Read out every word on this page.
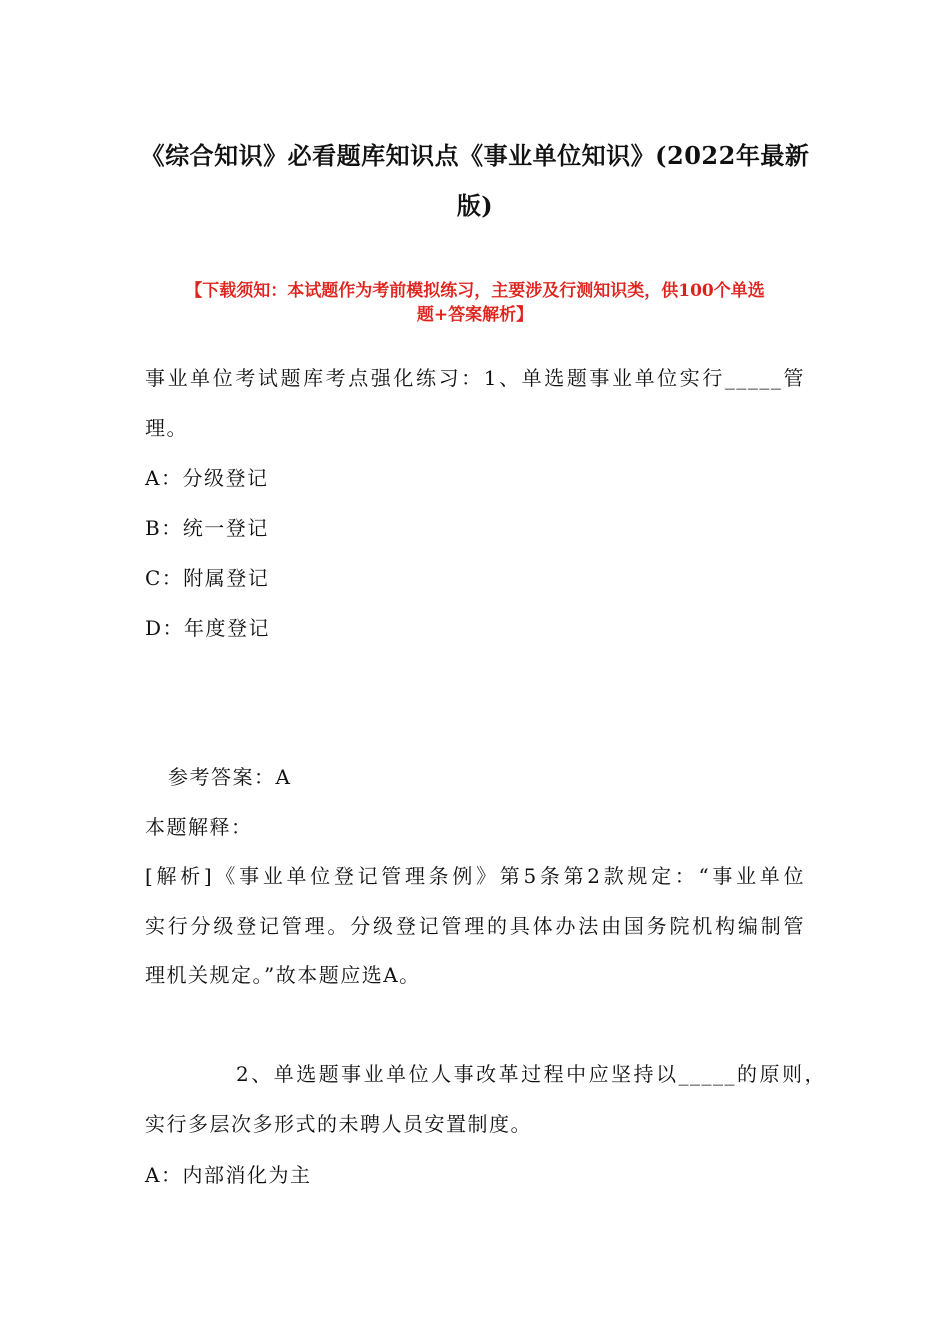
《综合知识》必看题库知识点《事业单位知识》(2022年最新
版)
【下载须知：本试题作为考前模拟练习，主要涉及行测知识类，供100个单选
题+答案解析】
事业单位考试题库考点强化练习：1、单选题事业单位实行_____管
理。
A：分级登记
B：统一登记
C：附属登记
D：年度登记
参考答案：A
本题解释：
[解析]《事业单位登记管理条例》第5条第2款规定：“事业单位
实行分级登记管理。分级登记管理的具体办法由国务院机构编制管
理机关规定。”故本题应选A。
2、单选题事业单位人事改革过程中应坚持以_____的原则，
实行多层次多形式的未聘人员安置制度。
A：内部消化为主
